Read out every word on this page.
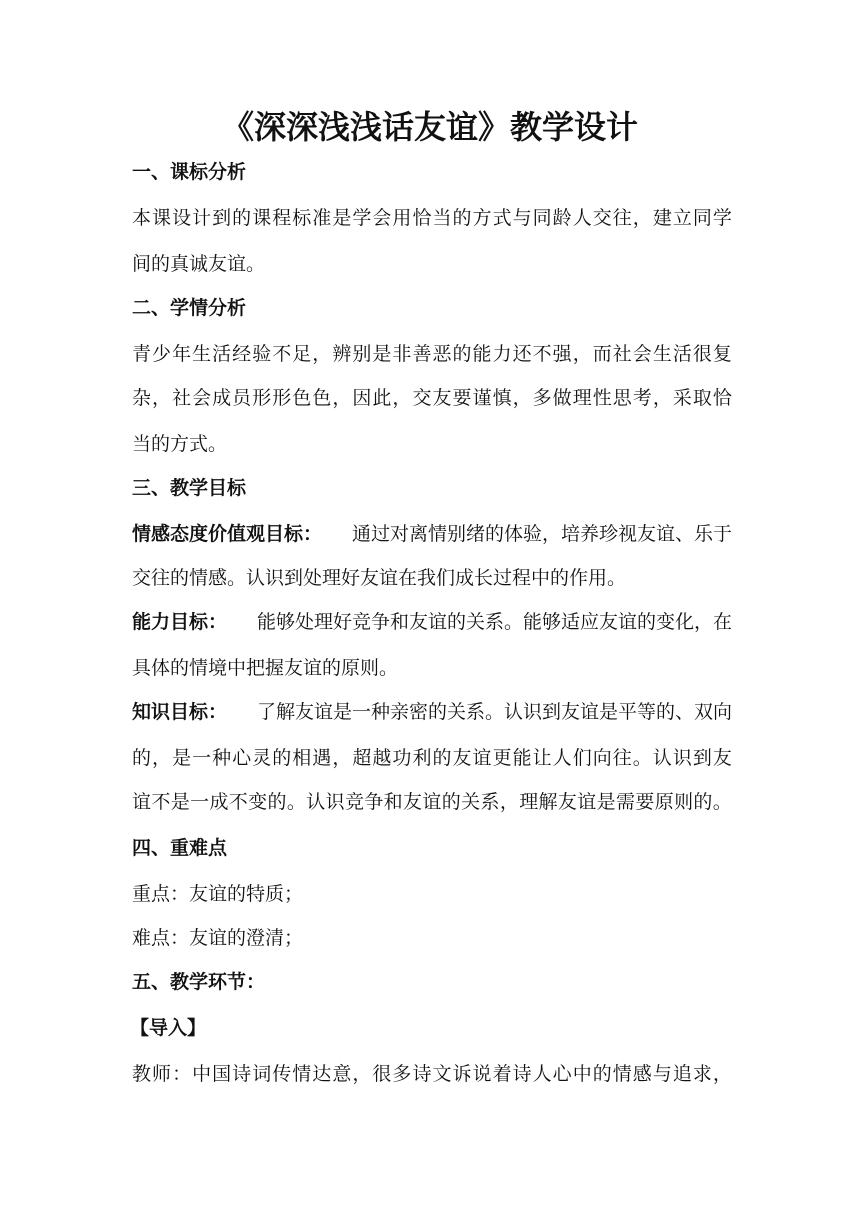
《深深浅浅话友谊》教学设计
一、课标分析
本 课 设 计 到 的 课 程 标 准 是 学 会 用 恰 当 的 方 式 与 同 龄 人 交 往 ， 建 立 同 学
间的真诚友谊。
二、学情分析
青 少 年 生 活 经 验 不 足 ， 辨 别 是 非 善 恶 的 能 力 还 不 强 ， 而 社 会 生 活 很 复
杂 ， 社 会 成 员 形 形 色 色 ， 因 此 ， 交 友 要 谨 慎 ， 多 做 理 性 思 考 ， 采 取 恰
当的方式。
三、教学目标
情感态度价值观目标： 通过对离情别绪的体验，培养珍视友谊、乐于
交往的情感。认识到处理好友谊在我们成长过程中的作用。
能力目标： 能够处理好竞争和友谊的关系。能够适应友谊的变化，在
具体的情境中把握友谊的原则。
知识目标： 了解友谊是一种亲密的关系。认识到友谊是平等的、双向
的 ， 是 一 种 心 灵 的 相 遇 ， 超 越 功 利 的 友 谊 更 能 让 人 们 向 往 。 认 识 到 友
谊 不 是 一 成 不 变 的 。 认 识 竞 争 和 友 谊 的 关 系 ， 理 解 友 谊 是 需 要 原 则 的 。
四、重难点
重点：友谊的特质；
难点：友谊的澄清；
五、教学环节：
【导入】
教 师 ： 中 国 诗 词 传 情 达 意 ， 很 多 诗 文 诉 说 着 诗 人 心 中 的 情 感 与 追 求 ，
